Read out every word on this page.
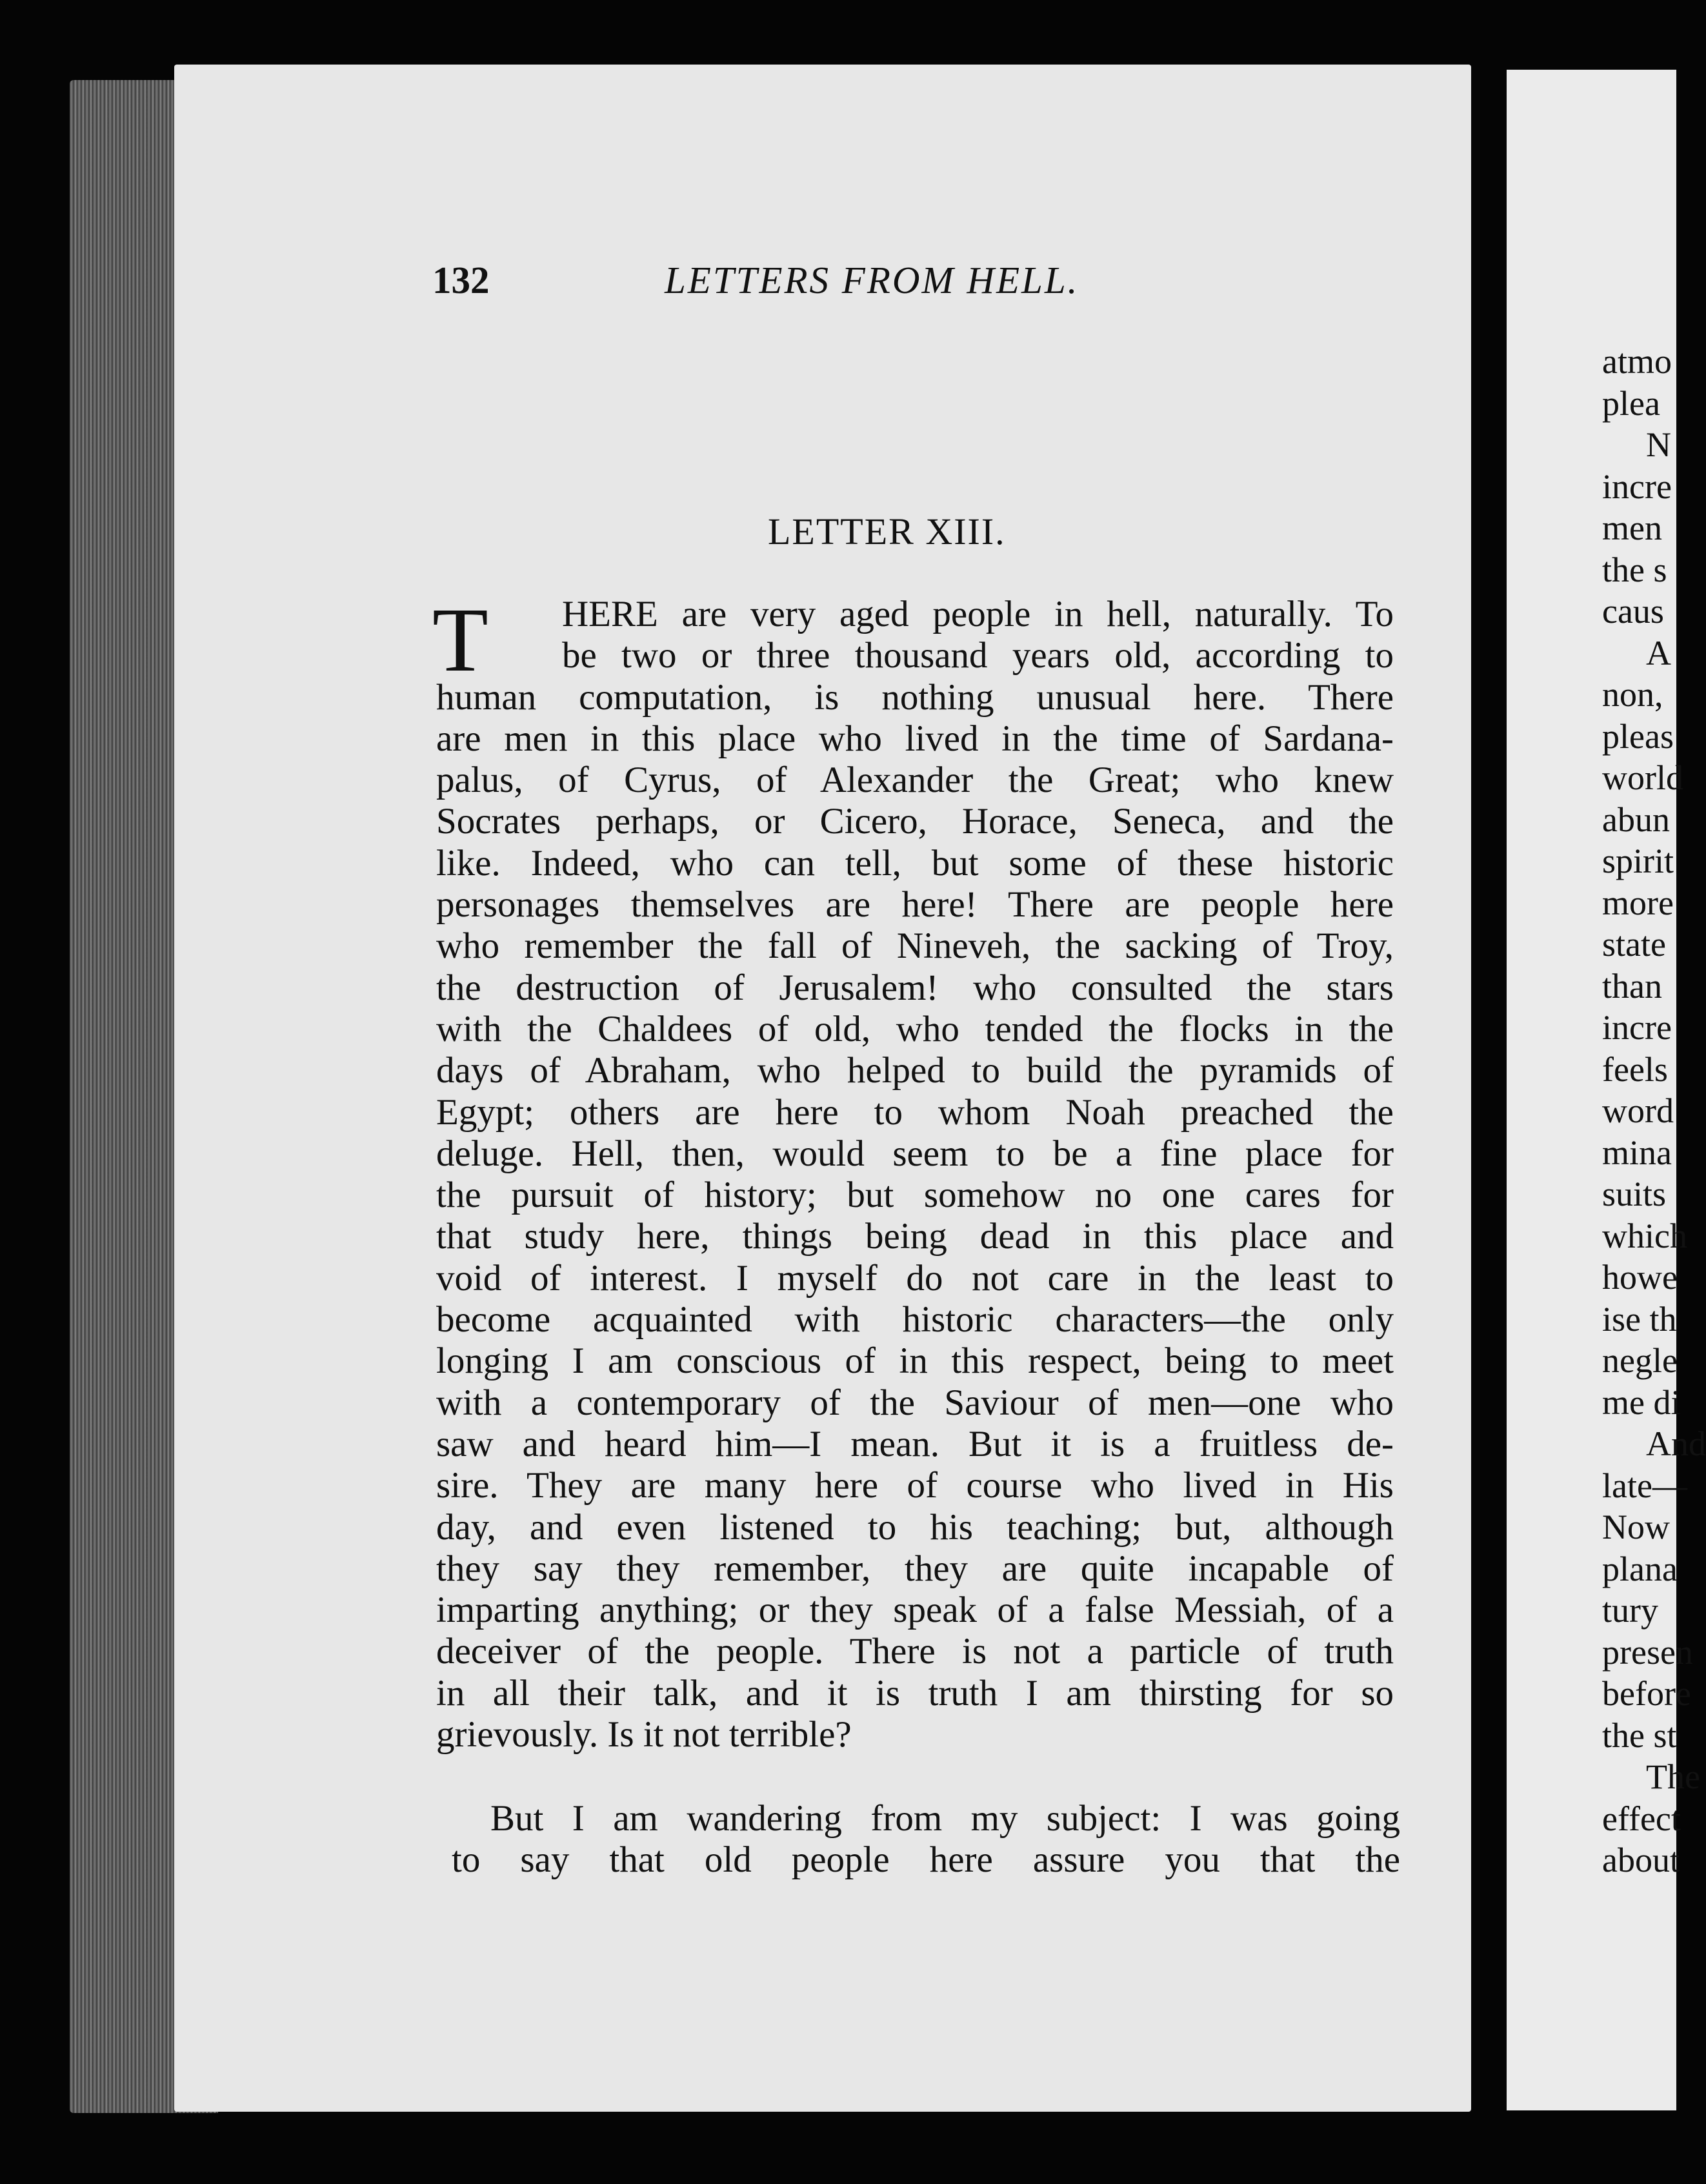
132	LETTERS FROM HELL.
LETTER XIII.
T	HERE are very aged people in hell, naturally. To
be two or three thousand years old, according to
human computation, is nothing unusual here. There
are men in this place who lived in the time of Sardana-
palus, of Cyrus, of Alexander the Great; who knew
Socrates perhaps, or Cicero, Horace, Seneca, and the
like. Indeed, who can tell, but some of these historic
personages themselves are here! There are people here
who remember the fall of Nineveh, the sacking of Troy,
the destruction of Jerusalem! who consulted the stars
with the Chaldees of old, who tended the flocks in the
days of Abraham, who helped to build the pyramids of
Egypt; others are here to whom Noah preached the
deluge. Hell, then, would seem to be a fine place for
the pursuit of history; but somehow no one cares for
that study here, things being dead in this place and
void of interest. I myself do not care in the least to
become acquainted with historic characters—the only
longing I am conscious of in this respect, being to meet
with a contemporary of the Saviour of men—one who
saw and heard him—I mean. But it is a fruitless de-
sire. They are many here of course who lived in His
day, and even listened to his teaching; but, although
they say they remember, they are quite incapable of
imparting anything; or they speak of a false Messiah, of a
deceiver of the people. There is not a particle of truth
in all their talk, and it is truth I am thirsting for so
grievously. Is it not terrible?
But I am wandering from my subject: I was going
to say that old people here assure you that the
atmo
plea
N
incre
men
the s
caus
A
non,
pleas
world
abun
spirit
more
state
than
incre
feels
word
mina
suits
which
howe
ise th
negle
me di
And
late—
Now
plana
tury
presen
before
the st
The
effect
about
